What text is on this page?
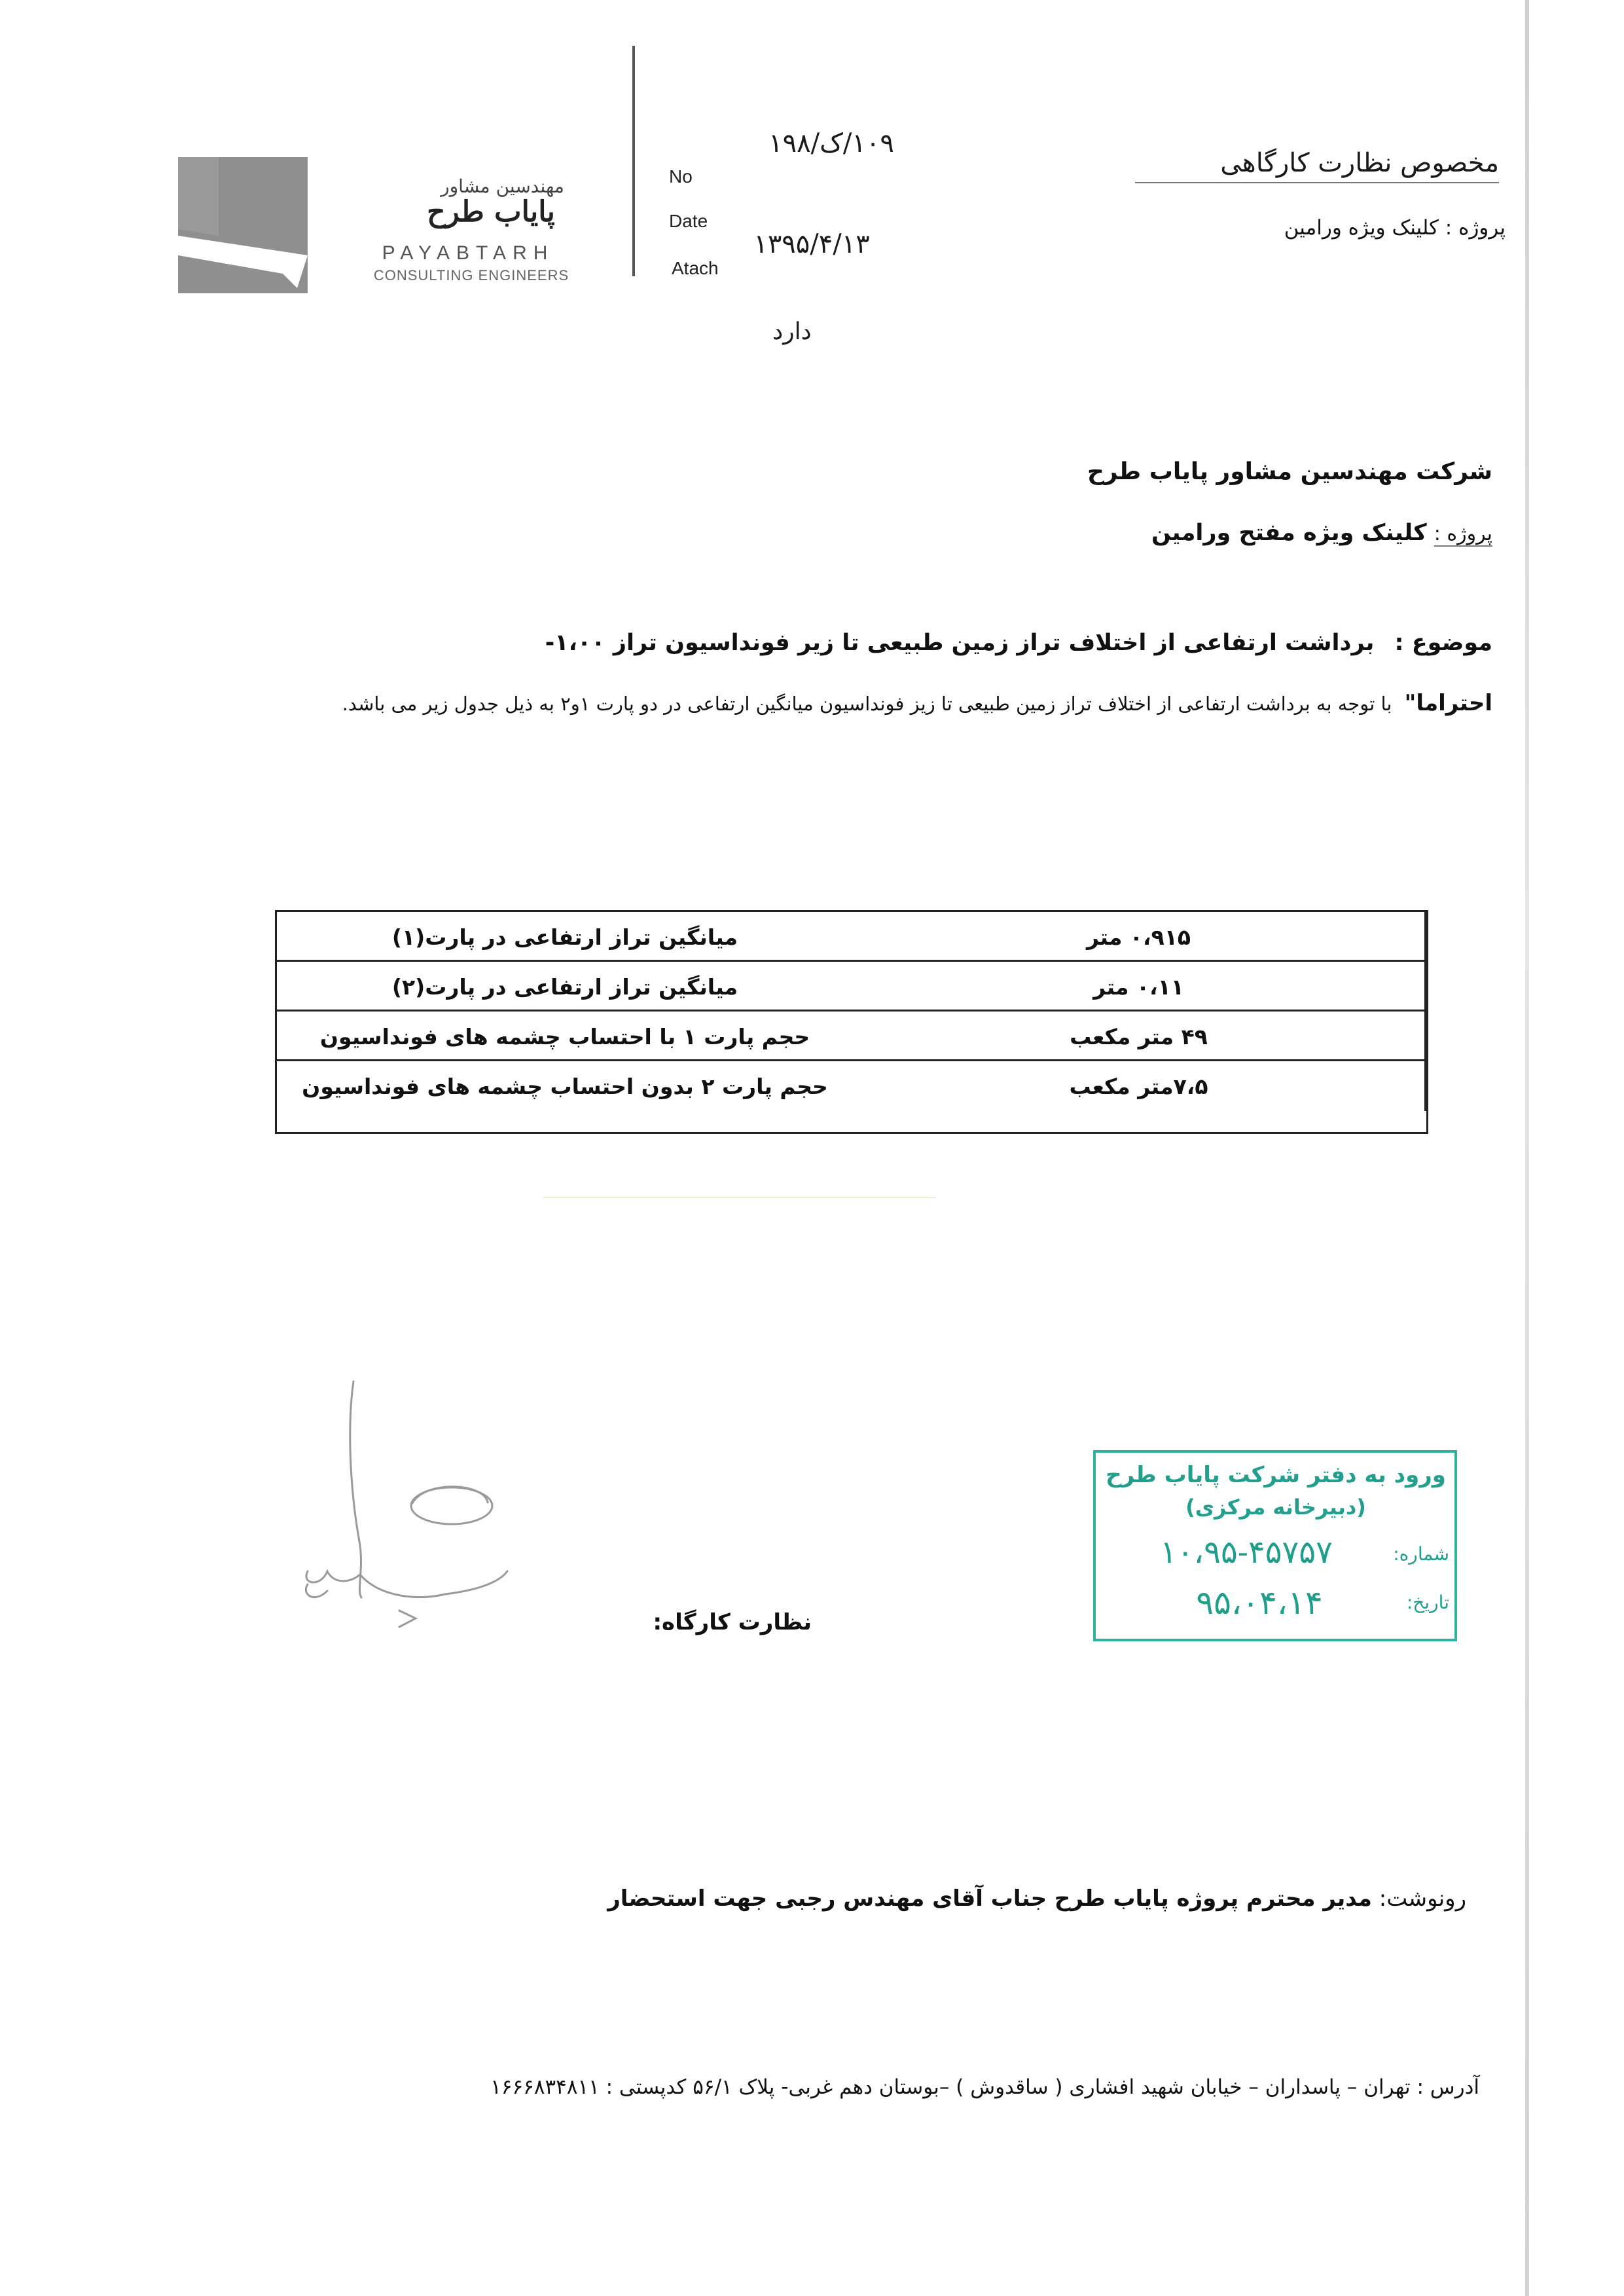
مهندسین مشاور
پایاب طرح
PAYABTARH
CONSULTING ENGINEERS
No
Date
Atach
۱۰۹/ک/۱۹۸
۱۳۹۵/۴/۱۳
دارد
مخصوص نظارت کارگاهی
پروژه : کلینک ویژه ورامین
شرکت مهندسین مشاور پایاب طرح
پروژه : کلینک ویژه مفتح ورامین
موضوع : برداشت ارتفاعی از اختلاف تراز زمین طبیعی تا زیر فونداسیون تراز ۱،۰۰-
احتراما" با توجه به برداشت ارتفاعی از اختلاف تراز زمین طبیعی تا زیز فونداسیون میانگین ارتفاعی در دو پارت ۱و۲ به ذیل جدول زیر می باشد.
میانگین تراز ارتفاعی در پارت(۱)	۰،۹۱۵ متر
میانگین تراز ارتفاعی در پارت(۲)	۰،۱۱ متر
حجم پارت ۱ با احتساب چشمه های فونداسیون	۴۹ متر مکعب
حجم پارت ۲ بدون احتساب چشمه های فونداسیون	۷،۵متر مکعب
ورود به دفتر شرکت پایاب طرح
(دبیرخانه مرکزی)
شماره:
۱۰،۹۵-۴۵۷۵۷
تاریخ:
۹۵،۰۴،۱۴
نظارت کارگاه:
رونوشت: مدیر محترم پروژه پایاب طرح جناب آقای مهندس رجبی جهت استحضار
آدرس : تهران – پاسداران – خیابان شهید افشاری ( ساقدوش ) –بوستان دهم غربی- پلاک ۵۶/۱ کدپستی : ۱۶۶۶۸۳۴۸۱۱
